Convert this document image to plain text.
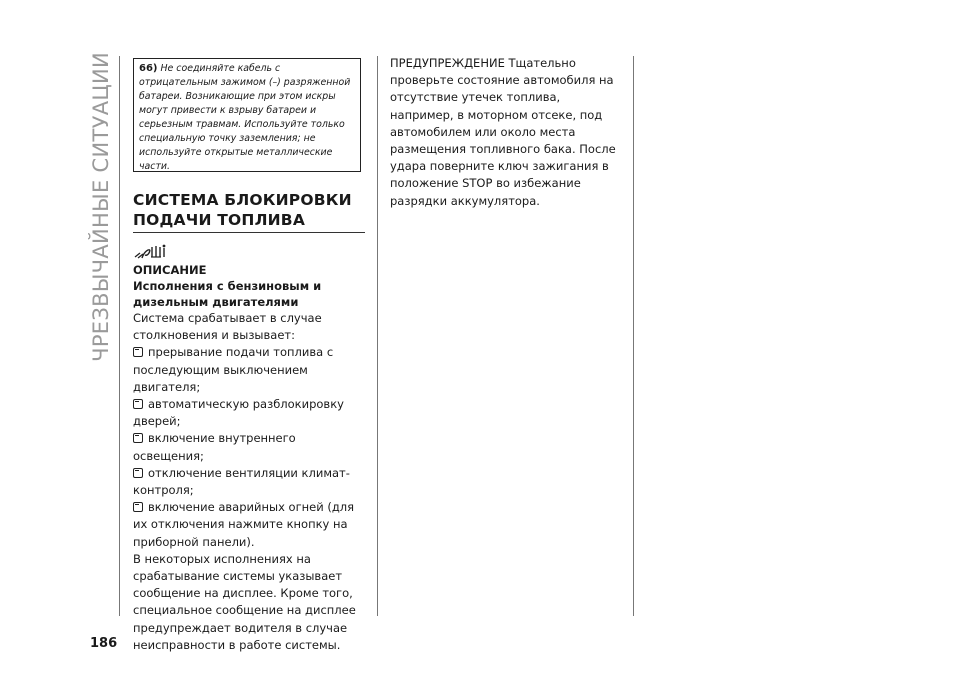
ЧРЕЗВЫЧАЙНЫЕ СИТУАЦИИ
186
66) Не соединяйте кабель с отрицательным зажимом (–) разряженной батареи. Возникающие при этом искры могут привести к взрыву батареи и серьезным травмам. Используйте только специальную точку заземления; не используйте открытые металлические части.
СИСТЕМА БЛОКИРОВКИ
ПОДАЧИ ТОПЛИВА

ОПИСАНИЕ

Исполнения с бензиновым и дизельным двигателями

Система срабатывает в случае столкновения и вызывает:

прерывание подачи топлива с последующим выключением двигателя;

автоматическую разблокировку дверей;

включение внутреннего освещения;

отключение вентиляции климат-контроля;

включение аварийных огней (для их отключения нажмите кнопку на приборной панели).

В некоторых исполнениях на срабатывание системы указывает сообщение на дисплее. Кроме того, специальное сообщение на дисплее предупреждает водителя в случае неисправности в работе системы.

ПРЕДУПРЕЖДЕНИЕ Тщательно проверьте состояние автомобиля на отсутствие утечек топлива, например, в моторном отсеке, под автомобилем или около места размещения топливного бака. После удара поверните ключ зажигания в положение STOP во избежание разрядки аккумулятора.
